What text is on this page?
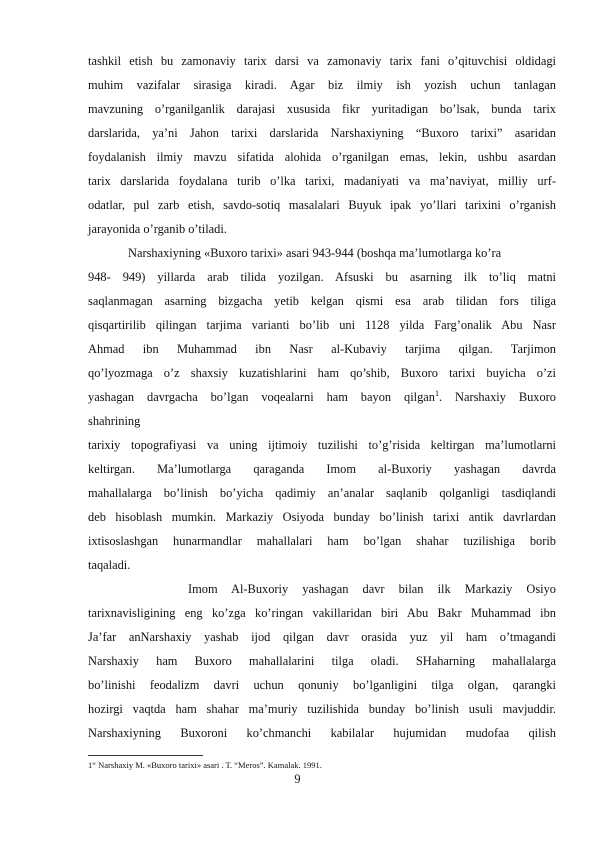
tashkil etish bu zamonaviy tarix darsi va zamonaviy tarix fani o’qituvchisi oldidagi
muhim vazifalar sirasiga kiradi. Agar biz ilmiy ish yozish uchun tanlagan
mavzuning o’rganilganlik darajasi xususida fikr yuritadigan bo’lsak, bunda tarix
darslarida, ya’ni Jahon tarixi darslarida Narshaxiyning “Buxoro tarixi” asaridan
foydalanish ilmiy mavzu sifatida alohida o’rganilgan emas, lekin, ushbu asardan
tarix darslarida foydalana turib o’lka tarixi, madaniyati va ma’naviyat, milliy urf-
odatlar, pul zarb etish, savdo-sotiq masalalari Buyuk ipak yo’llari tarixini o’rganish
jarayonida o’rganib o’tiladi.
Narshaxiyning «Buxoro tarixi» asari 943-944 (boshqa ma’lumotlarga ko’ra
948- 949) yillarda arab tilida yozilgan. Afsuski bu asarning ilk to’liq matni
saqlanmagan asarning bizgacha yetib kelgan qismi esa arab tilidan fors tiliga
qisqartirilib qilingan tarjima varianti bo’lib uni 1128 yilda Farg’onalik Abu Nasr
Ahmad ibn Muhammad ibn Nasr al-Kubaviy tarjima qilgan. Tarjimon
qo’lyozmaga o’z shaxsiy kuzatishlarini ham qo’shib, Buxoro tarixi buyicha o’zi
yashagan davrgacha bo’lgan voqealarni ham bayon qilgan$^1$. Narshaxiy Buxoro
shahrining
tarixiy topografiyasi va uning ijtimoiy tuzilishi to’g’risida keltirgan ma’lumotlarni
keltirgan. Ma’lumotlarga qaraganda Imom al-Buxoriy yashagan davrda
mahallalarga bo’linish bo’yicha qadimiy an’analar saqlanib qolganligi tasdiqlandi
deb hisoblash mumkin. Markaziy Osiyoda bunday bo’linish tarixi antik davrlardan
ixtisoslashgan hunarmandlar mahallalari ham bo’lgan shahar tuzilishiga borib
taqaladi.
Imom Al-Buxoriy yashagan davr bilan ilk Markaziy Osiyo
tarixnavisligining eng ko’zga ko’ringan vakillaridan biri Abu Bakr Muhammad ibn
Ja’far anNarshaxiy yashab ijod qilgan davr orasida yuz yil ham o’tmagandi
Narshaxiy ham Buxoro mahallalarini tilga oladi. SHaharning mahallalarga
bo’linishi feodalizm davri uchun qonuniy bo’lganligini tilga olgan, qarangki
hozirgi vaqtda ham shahar ma’muriy tuzilishida bunday bo’linish usuli mavjuddir.
Narshaxiyning Buxoroni ko’chmanchi kabilalar hujumidan mudofaa qilish
1“ Narshaxiy M. «Buxoro tarixi» asari . T. “Meros”. Kamalak. 1991.
9
